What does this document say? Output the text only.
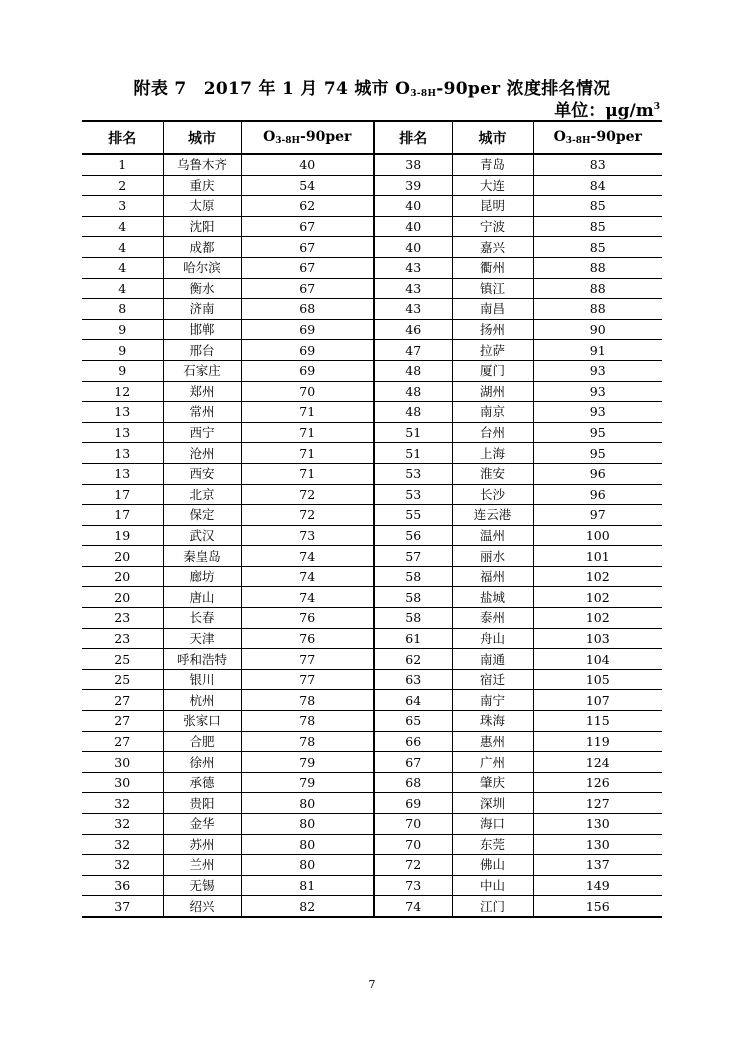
附表 7　2017 年 1 月 74 城市 $O_{3-8H}-90per$ 浓度排名情况
单位：$\mu g/m^3$
排名	城市	$O_{3-8H}-90per$	排名	城市	$O_{3-8H}-90per$
1	乌鲁木齐	40	38	青岛	83
2	重庆	54	39	大连	84
3	太原	62	40	昆明	85
4	沈阳	67	40	宁波	85
4	成都	67	40	嘉兴	85
4	哈尔滨	67	43	衢州	88
4	衡水	67	43	镇江	88
8	济南	68	43	南昌	88
9	邯郸	69	46	扬州	90
9	邢台	69	47	拉萨	91
9	石家庄	69	48	厦门	93
12	郑州	70	48	湖州	93
13	常州	71	48	南京	93
13	西宁	71	51	台州	95
13	沧州	71	51	上海	95
13	西安	71	53	淮安	96
17	北京	72	53	长沙	96
17	保定	72	55	连云港	97
19	武汉	73	56	温州	100
20	秦皇岛	74	57	丽水	101
20	廊坊	74	58	福州	102
20	唐山	74	58	盐城	102
23	长春	76	58	泰州	102
23	天津	76	61	舟山	103
25	呼和浩特	77	62	南通	104
25	银川	77	63	宿迁	105
27	杭州	78	64	南宁	107
27	张家口	78	65	珠海	115
27	合肥	78	66	惠州	119
30	徐州	79	67	广州	124
30	承德	79	68	肇庆	126
32	贵阳	80	69	深圳	127
32	金华	80	70	海口	130
32	苏州	80	70	东莞	130
32	兰州	80	72	佛山	137
36	无锡	81	73	中山	149
37	绍兴	82	74	江门	156
7
